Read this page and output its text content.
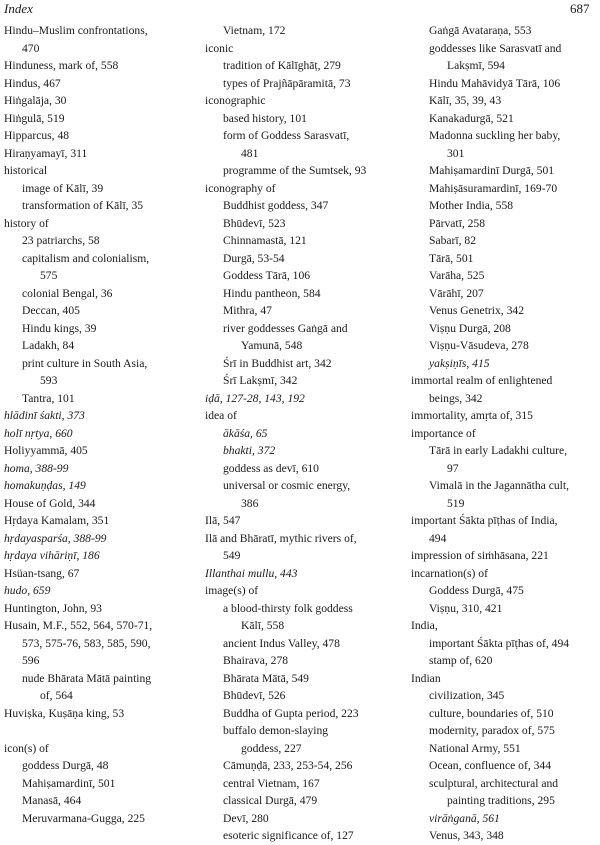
Index	687
Hindu–Muslim confrontations,
470
Hinduness, mark of, 558
Hindus, 467
Hiṅgalāja, 30
Hiṅgulā, 519
Hipparcus, 48
Hiraṇyamayī, 311
historical
image of Kālī, 39
transformation of Kālī, 35
history of
23 patriarchs, 58
capitalism and colonialism,
575
colonial Bengal, 36
Deccan, 405
Hindu kings, 39
Ladakh, 84
print culture in South Asia,
593
Tantra, 101
hlādinī śakti, 373
holī nṛtya, 660
Holiyyammā, 405
homa, 388-99
homakuṇḍas, 149
House of Gold, 344
Hṛdaya Kamalam, 351
hṛdayasparśa, 388-99
hṛdaya vihāriṇī, 186
Hsüan-tsang, 67
hudo, 659
Huntington, John, 93
Husain, M.F., 552, 564, 570-71,
573, 575-76, 583, 585, 590,
596
nude Bhārata Mātā painting
of, 564
Huviṣka, Kuṣāṇa king, 53
icon(s) of
goddess Durgā, 48
Mahiṣamardinī, 501
Manasā, 464
Meruvarmana-Gugga, 225
Vietnam, 172
iconic
tradition of Kālīghāṭ, 279
types of Prajñāpāramitā, 73
iconographic
based history, 101
form of Goddess Sarasvatī,
481
programme of the Sumtsek, 93
iconography of
Buddhist goddess, 347
Bhūdevī, 523
Chinnamastā, 121
Durgā, 53-54
Goddess Tārā, 106
Hindu pantheon, 584
Mithra, 47
river goddesses Gaṅgā and
Yamunā, 548
Śrī in Buddhist art, 342
Śrī Lakṣmī, 342
iḍā, 127-28, 143, 192
idea of
ākāśa, 65
bhakti, 372
goddess as devī, 610
universal or cosmic energy,
386
Ilā, 547
Ilā and Bhāratī, mythic rivers of,
549
Illanthai mullu, 443
image(s) of
a blood-thirsty folk goddess
Kālī, 558
ancient Indus Valley, 478
Bhairava, 278
Bhārata Mātā, 549
Bhūdevī, 526
Buddha of Gupta period, 223
buffalo demon-slaying
goddess, 227
Cāmuṇḍā, 233, 253-54, 256
central Vietnam, 167
classical Durgā, 479
Devī, 280
esoteric significance of, 127
Gaṅgā Avataraṇa, 553
goddesses like Sarasvatī and
Lakṣmī, 594
Hindu Mahāvidyā Tārā, 106
Kālī, 35, 39, 43
Kanakadurgā, 521
Madonna suckling her baby,
301
Mahiṣamardinī Durgā, 501
Mahiṣāsuramardinī, 169-70
Mother India, 558
Pārvatī, 258
Sabarī, 82
Tārā, 501
Varāha, 525
Vārāhī, 207
Venus Genetrix, 342
Viṣṇu Durgā, 208
Viṣṇu-Vāsudeva, 278
yakṣiṇīs, 415
immortal realm of enlightened
beings, 342
immortality, amṛta of, 315
importance of
Tārā in early Ladakhi culture,
97
Vimalā in the Jagannātha cult,
519
important Śākta pīṭhas of India,
494
impression of siṁhāsana, 221
incarnation(s) of
Goddess Durgā, 475
Viṣṇu, 310, 421
India,
important Śākta pīṭhas of, 494
stamp of, 620
Indian
civilization, 345
culture, boundaries of, 510
modernity, paradox of, 575
National Army, 551
Ocean, confluence of, 344
sculptural, architectural and
painting traditions, 295
virāṅganā, 561
Venus, 343, 348
